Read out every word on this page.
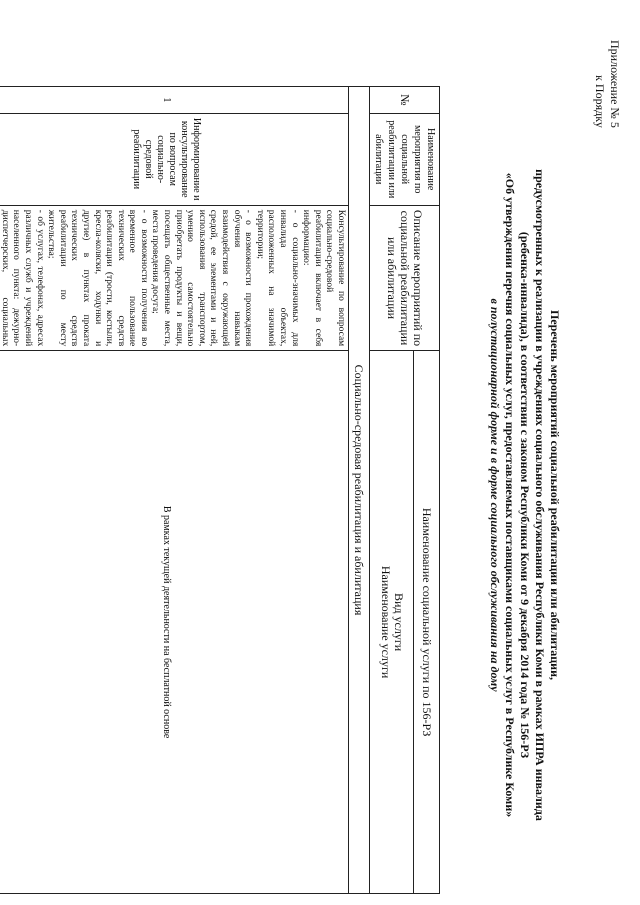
Приложение № 5
к Порядку
Перечень мероприятий социальной реабилитации или абилитации,
предусмотренных к реализации в учреждениях социального обслуживания Республики Коми в рамках ИПРА инвалида
(ребенка-инвалида), в соответствии с законом Республики Коми от 9 декабря 2014 года № 156-РЗ
«Об утверждении перечня социальных услуг, предоставляемых поставщиками социальных услуг в Республике Коми»
в полустационарной форме и в форме социального обслуживания на дому
№	Наименование мероприятия по социальной реабилитации или абилитации	Описание мероприятий по социальной реабилитации или абилитации	Наименование социальной услуги по 156-РЗ

			Вид услуги
Наименование услуги

Социально-средовая реабилитация и абилитация			
1	Информирование и консультирование по вопросам социально-средовой реабилитации	Консультирование по вопросам социально-средовой реабилитации включает в себя информацию:
- о социально-значимых для инвалида объектах, расположенных на значимой территории;
- о возможности прохождения обучения навыкам взаимодействия с окружающей средой, ее элементами и ней, использования транспортом, умению самостоятельно приобретать продукты и вещи, посещать общественные места, места проведения досуга;
- о возможности получения во временное пользование технических средств реабилитации (трости, костыли, кресла-коляски, ходунки и другие) в пунктах проката технических средств реабилитации по месту жительства;
- об услугах, телефонах, адресах различных служб и учреждений населенного пункта: дежурно-диспетчерских, социальных	В рамках текущей деятельности на бесплатной основе
